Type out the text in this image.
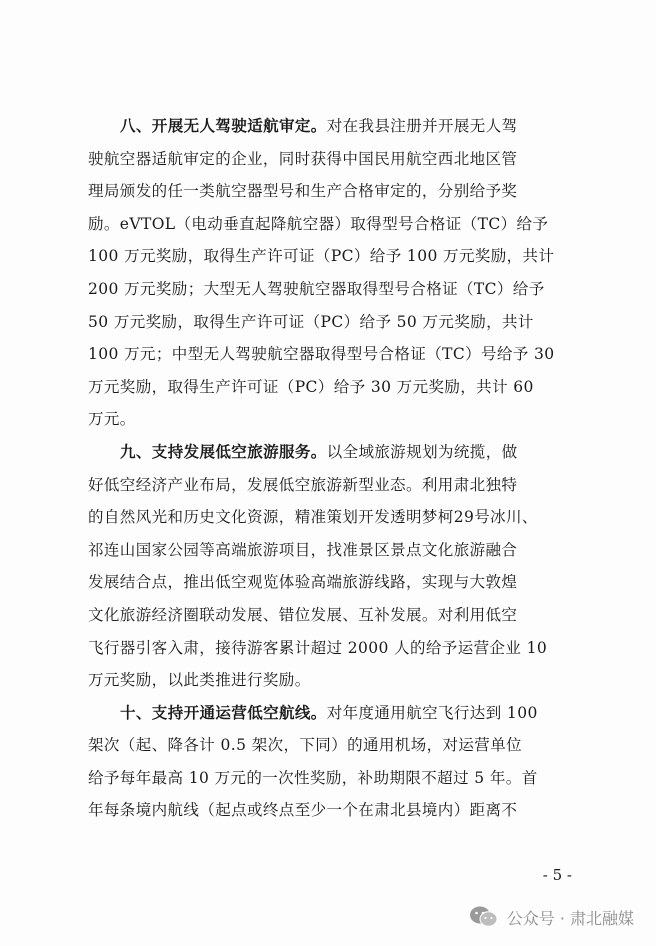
八、开展无人驾驶适航审定。对在我县注册并开展无人驾
驶航空器适航审定的企业，同时获得中国民用航空西北地区管
理局颁发的任一类航空器型号和生产合格审定的，分别给予奖
励。eVTOL（电动垂直起降航空器）取得型号合格证（TC）给予
100 万元奖励，取得生产许可证（PC）给予 100 万元奖励，共计
200 万元奖励；大型无人驾驶航空器取得型号合格证（TC）给予
50 万元奖励，取得生产许可证（PC）给予 50 万元奖励，共计
100 万元；中型无人驾驶航空器取得型号合格证（TC）号给予 30
万元奖励，取得生产许可证（PC）给予 30 万元奖励，共计 60
万元。

九、支持发展低空旅游服务。以全域旅游规划为统揽，做
好低空经济产业布局，发展低空旅游新型业态。利用肃北独特
的自然风光和历史文化资源，精准策划开发透明梦柯29号冰川、
祁连山国家公园等高端旅游项目，找准景区景点文化旅游融合
发展结合点，推出低空观览体验高端旅游线路，实现与大敦煌
文化旅游经济圈联动发展、错位发展、互补发展。对利用低空
飞行器引客入肃，接待游客累计超过 2000 人的给予运营企业 10
万元奖励，以此类推进行奖励。

十、支持开通运营低空航线。对年度通用航空飞行达到 100
架次（起、降各计 0.5 架次，下同）的通用机场，对运营单位
给予每年最高 10 万元的一次性奖励，补助期限不超过 5 年。首
年每条境内航线（起点或终点至少一个在肃北县境内）距离不

- 5 -
公众号 · 肃北融媒
